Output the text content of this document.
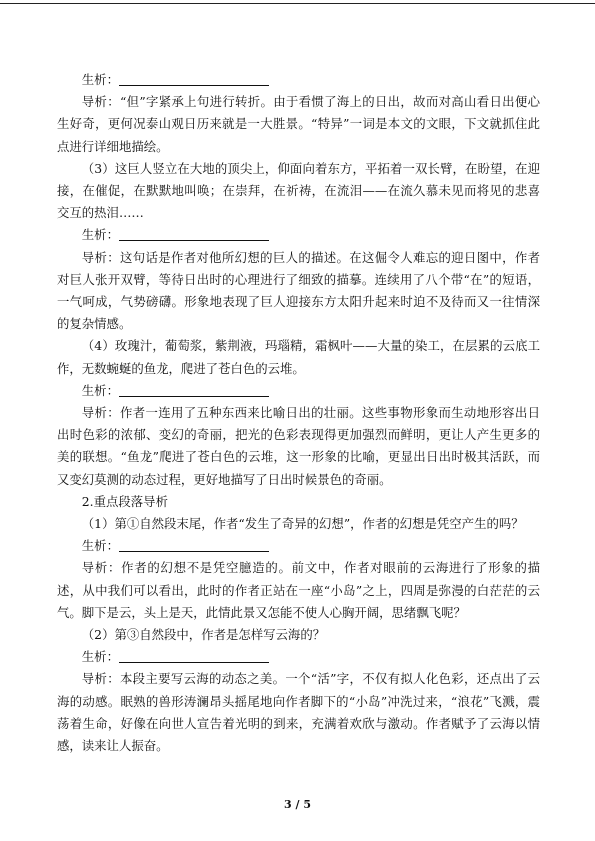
生析：

导析：“但”字紧承上句进行转折。由于看惯了海上的日出，故而对高山看日出便心生好奇，更何况泰山观日历来就是一大胜景。“特异”一词是本文的文眼，下文就抓住此点进行详细地描绘。

（3）这巨人竖立在大地的顶尖上，仰面向着东方，平拓着一双长臂，在盼望，在迎接，在催促，在默默地叫唤；在崇拜，在祈祷，在流泪——在流久慕未见而将见的悲喜交互的热泪……

生析：

导析：这句话是作者对他所幻想的巨人的描述。在这倔令人难忘的迎日图中，作者对巨人张开双臂，等待日出时的心理进行了细致的描摹。连续用了八个带“在”的短语，一气呵成，气势磅礴。形象地表现了巨人迎接东方太阳升起来时迫不及待而又一往情深的复杂情感。

（4）玫瑰汁，葡萄浆，紫荆液，玛瑙精，霜枫叶——大量的染工，在层累的云底工作，无数蜿蜒的鱼龙，爬进了苍白色的云堆。

生析：

导析：作者一连用了五种东西来比喻日出的壮丽。这些事物形象而生动地形容出日出时色彩的浓郁、变幻的奇丽，把光的色彩表现得更加强烈而鲜明，更让人产生更多的美的联想。“鱼龙”爬进了苍白色的云堆，这一形象的比喻，更显出日出时极其活跃，而又变幻莫测的动态过程，更好地描写了日出时候景色的奇丽。

2.重点段落导析

（1）第①自然段末尾，作者“发生了奇异的幻想”，作者的幻想是凭空产生的吗？

生析：

导析：作者的幻想不是凭空臆造的。前文中，作者对眼前的云海进行了形象的描述，从中我们可以看出，此时的作者正站在一座“小岛”之上，四周是弥漫的白茫茫的云气。脚下是云，头上是天，此情此景又怎能不使人心胸开阔，思绪飘飞呢？

（2）第③自然段中，作者是怎样写云海的？

生析：

导析：本段主要写云海的动态之美。一个“活”字，不仅有拟人化色彩，还点出了云海的动感。眠熟的兽形涛澜昂头摇尾地向作者脚下的“小岛”冲洗过来，“浪花”飞溅，震荡着生命，好像在向世人宣告着光明的到来，充满着欢欣与激动。作者赋予了云海以情感，读来让人振奋。

3 / 5
